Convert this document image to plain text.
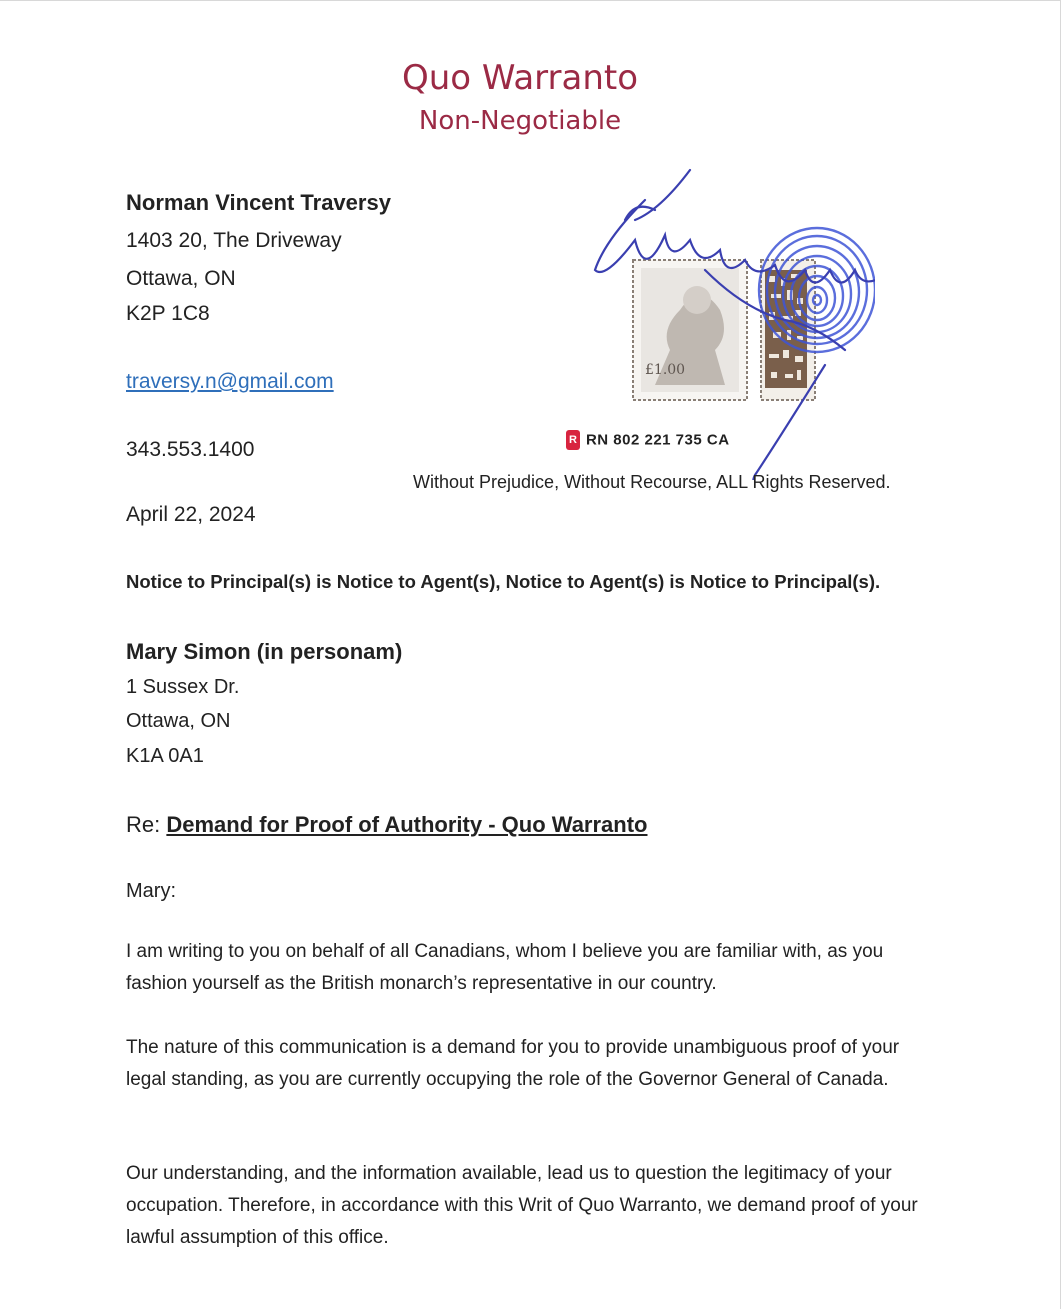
Quo Warranto
Non-Negotiable
Norman Vincent Traversy
1403 20, The Driveway
Ottawa, ON
K2P 1C8
traversy.n@gmail.com
343.553.1400
£1.00
R RN 802 221 735 CA
Without Prejudice, Without Recourse, ALL Rights Reserved.
April 22, 2024
Notice to Principal(s) is Notice to Agent(s), Notice to Agent(s) is Notice to Principal(s).
Mary Simon (in personam)
1 Sussex Dr.
Ottawa, ON
K1A 0A1
Re: Demand for Proof of Authority - Quo Warranto
Mary:
I am writing to you on behalf of all Canadians, whom I believe you are familiar with, as you fashion yourself as the British monarch’s representative in our country.
The nature of this communication is a demand for you to provide unambiguous proof of your legal standing, as you are currently occupying the role of the Governor General of Canada.
Our understanding, and the information available, lead us to question the legitimacy of your occupation. Therefore, in accordance with this Writ of Quo Warranto, we demand proof of your lawful assumption of this office.
